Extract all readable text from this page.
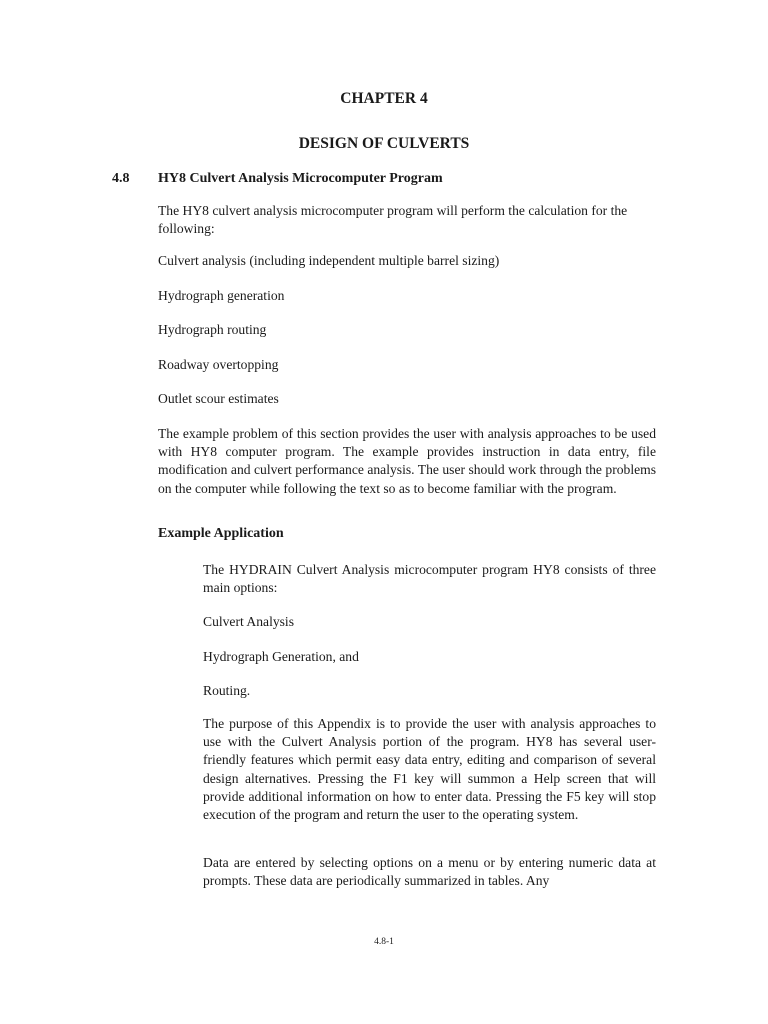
CHAPTER 4
DESIGN OF CULVERTS
4.8 HY8 Culvert Analysis Microcomputer Program

The HY8 culvert analysis microcomputer program will perform the calculation for the following:

Culvert analysis (including independent multiple barrel sizing)
Hydrograph generation
Hydrograph routing
Roadway overtopping
Outlet scour estimates

The example problem of this section provides the user with analysis approaches to be used with HY8 computer program. The example provides instruction in data entry, file modification and culvert performance analysis. The user should work through the problems on the computer while following the text so as to become familiar with the program.

Example Application

The HYDRAIN Culvert Analysis microcomputer program HY8 consists of three main options:

Culvert Analysis
Hydrograph Generation, and
Routing.

The purpose of this Appendix is to provide the user with analysis approaches to use with the Culvert Analysis portion of the program. HY8 has several user-friendly features which permit easy data entry, editing and comparison of several design alternatives. Pressing the F1 key will summon a Help screen that will provide additional information on how to enter data. Pressing the F5 key will stop execution of the program and return the user to the operating system.

Data are entered by selecting options on a menu or by entering numeric data at prompts. These data are periodically summarized in tables. Any

4.8-1
